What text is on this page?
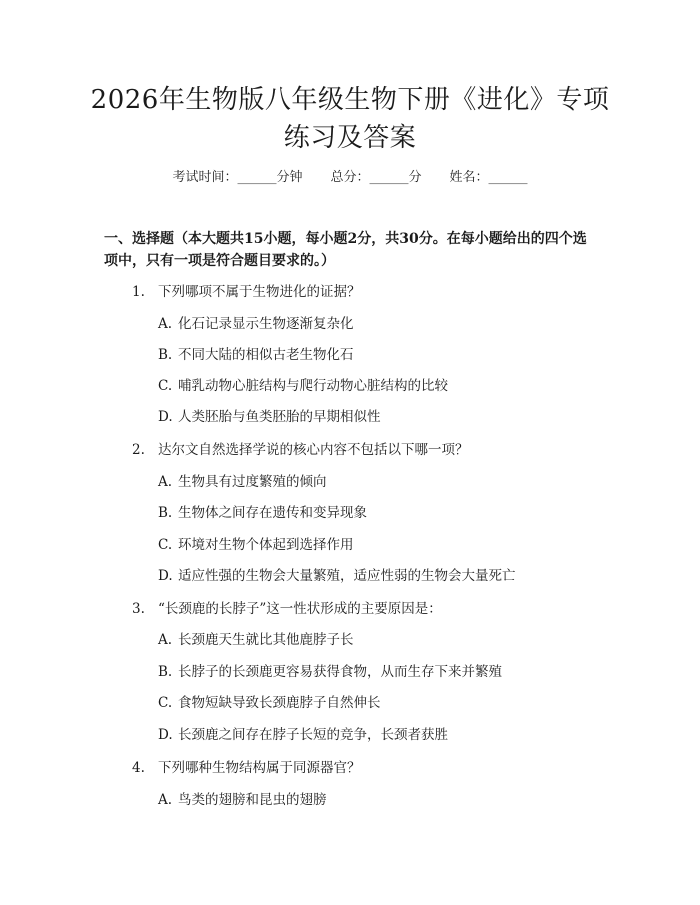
2026年生物版八年级生物下册《进化》专项
练习及答案
考试时间：______分钟 总分：______分 姓名：______
一、选择题（本大题共15小题，每小题2分，共30分。在每小题给出的四个选
项中，只有一项是符合题目要求的。）
1. 下列哪项不属于生物进化的证据？
A. 化石记录显示生物逐渐复杂化
B. 不同大陆的相似古老生物化石
C. 哺乳动物心脏结构与爬行动物心脏结构的比较
D. 人类胚胎与鱼类胚胎的早期相似性
2. 达尔文自然选择学说的核心内容不包括以下哪一项？
A. 生物具有过度繁殖的倾向
B. 生物体之间存在遗传和变异现象
C. 环境对生物个体起到选择作用
D. 适应性强的生物会大量繁殖，适应性弱的生物会大量死亡
3. “长颈鹿的长脖子”这一性状形成的主要原因是：
A. 长颈鹿天生就比其他鹿脖子长
B. 长脖子的长颈鹿更容易获得食物，从而生存下来并繁殖
C. 食物短缺导致长颈鹿脖子自然伸长
D. 长颈鹿之间存在脖子长短的竞争，长颈者获胜
4. 下列哪种生物结构属于同源器官？
A. 鸟类的翅膀和昆虫的翅膀
